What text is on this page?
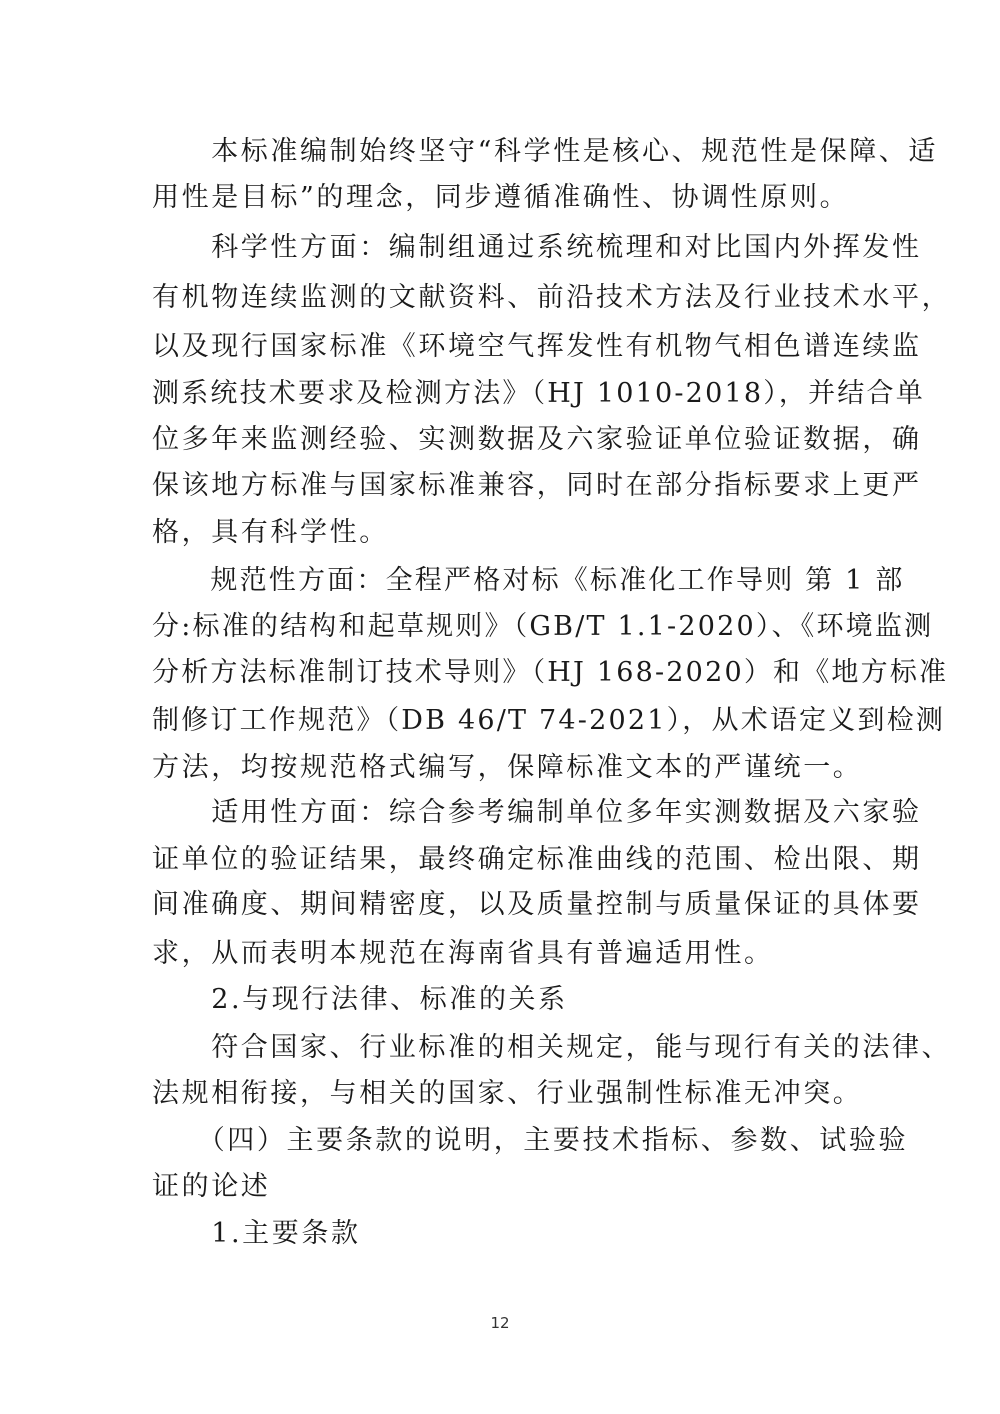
　　本标准编制始终坚守“科学性是核心、规范性是保障、适
用性是目标”的理念，同步遵循准确性、协调性原则。
　　科学性方面：编制组通过系统梳理和对比国内外挥发性
有机物连续监测的文献资料、前沿技术方法及行业技术水平，
以及现行国家标准《环境空气挥发性有机物气相色谱连续监
测系统技术要求及检测方法》（HJ 1010-2018），并结合单
位多年来监测经验、实测数据及六家验证单位验证数据，确
保该地方标准与国家标准兼容，同时在部分指标要求上更严
格，具有科学性。
　　规范性方面：全程严格对标《标准化工作导则 第 1 部
分:标准的结构和起草规则》（GB/T 1.1-2020）、《环境监测
分析方法标准制订技术导则》（HJ 168-2020）和《地方标准
制修订工作规范》（DB 46/T 74-2021），从术语定义到检测
方法，均按规范格式编写，保障标准文本的严谨统一。
　　适用性方面：综合参考编制单位多年实测数据及六家验
证单位的验证结果，最终确定标准曲线的范围、检出限、期
间准确度、期间精密度，以及质量控制与质量保证的具体要
求，从而表明本规范在海南省具有普遍适用性。
　　2.与现行法律、标准的关系
　　符合国家、行业标准的相关规定，能与现行有关的法律、
法规相衔接，与相关的国家、行业强制性标准无冲突。
　　（四）主要条款的说明，主要技术指标、参数、试验验
证的论述
　　1.主要条款
12
